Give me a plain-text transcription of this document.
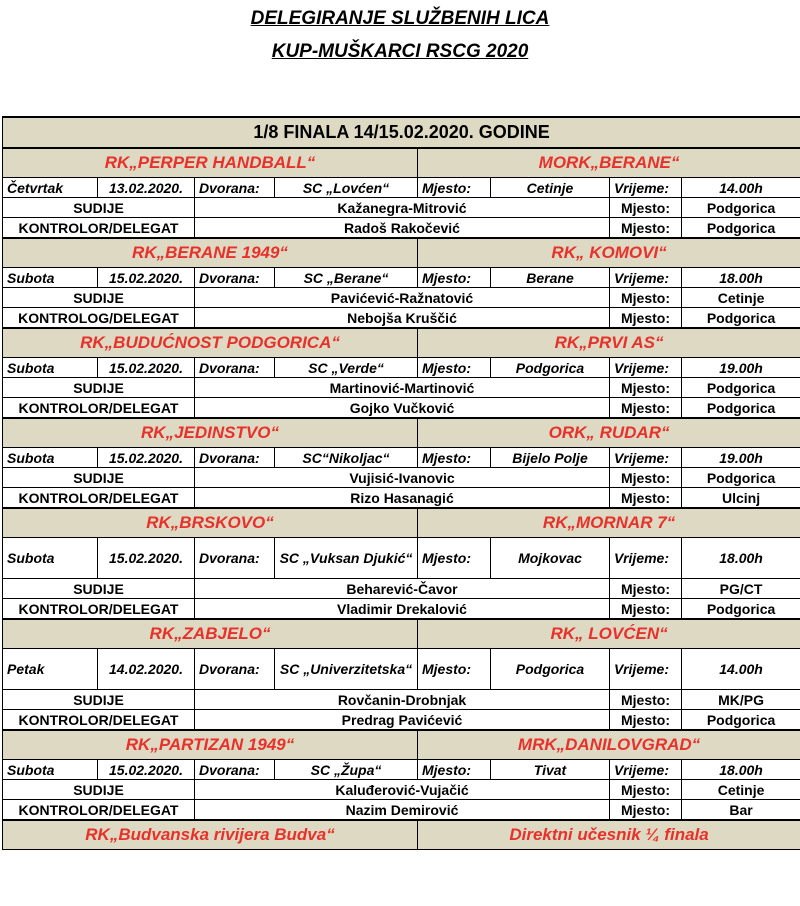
DELEGIRANJE SLUŽBENIH LICA
KUP-MUŠKARCI RSCG 2020
1/8 FINALA 14/15.02.2020. GODINE							
RK„PERPER HANDBALL“				MORK„BERANE“			
Četvrtak	13.02.2020.	Dvorana:	SC „Lovćen“	Mjesto:	Cetinje	Vrijeme:	14.00h
SUDIJE		Kažanegra-Mitrović				Mjesto:	Podgorica
KONTROLOR/DELEGAT		Radoš Rakočević				Mjesto:	Podgorica
RK„BERANE 1949“				RK„ KOMOVI“			
Subota	15.02.2020.	Dvorana:	SC „Berane“	Mjesto:	Berane	Vrijeme:	18.00h
SUDIJE		Pavićević-Ražnatović				Mjesto:	Cetinje
KONTROLOG/DELEGAT		Nebojša Kruščić				Mjesto:	Podgorica
RK„BUDUĆNOST PODGORICA“				RK„PRVI AS“			
Subota	15.02.2020.	Dvorana:	SC „Verde“	Mjesto:	Podgorica	Vrijeme:	19.00h
SUDIJE		Martinović-Martinović				Mjesto:	Podgorica
KONTROLOR/DELEGAT		Gojko Vučković				Mjesto:	Podgorica
RK„JEDINSTVO“				ORK„ RUDAR“			
Subota	15.02.2020.	Dvorana:	SC“Nikoljac“	Mjesto:	Bijelo Polje	Vrijeme:	19.00h
SUDIJE		Vujisić-Ivanovic				Mjesto:	Podgorica
KONTROLOR/DELEGAT		Rizo Hasanagić				Mjesto:	Ulcinj
RK„BRSKOVO“				RK„MORNAR 7“			
Subota	15.02.2020.	Dvorana:	SC „Vuksan Djukić“	Mjesto:	Mojkovac	Vrijeme:	18.00h
SUDIJE		Beharević-Čavor				Mjesto:	PG/CT
KONTROLOR/DELEGAT		Vladimir Drekalović				Mjesto:	Podgorica
RK„ZABJELO“				RK„ LOVĆEN“			
Petak	14.02.2020.	Dvorana:	SC „Univerzitetska“	Mjesto:	Podgorica	Vrijeme:	14.00h
SUDIJE		Rovčanin-Drobnjak				Mjesto:	MK/PG
KONTROLOR/DELEGAT		Predrag Pavićević				Mjesto:	Podgorica
RK„PARTIZAN 1949“				MRK„DANILOVGRAD“			
Subota	15.02.2020.	Dvorana:	SC „Župa“	Mjesto:	Tivat	Vrijeme:	18.00h
SUDIJE		Kaluđerović-Vujačić				Mjesto:	Cetinje
KONTROLOR/DELEGAT		Nazim Demirović				Mjesto:	Bar
RK„Budvanska rivijera Budva“				Direktni učesnik ¼ finala			
